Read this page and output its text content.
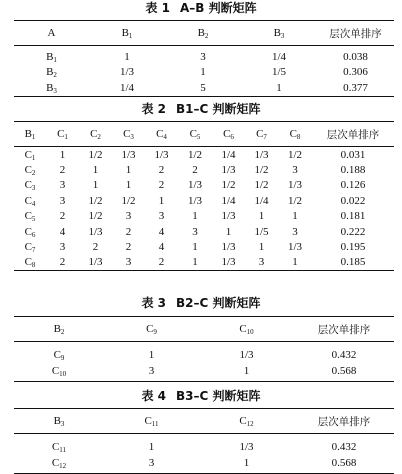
表 1 A–B 判断矩阵
A	$B_1$	$B_2$	$B_3$	层次单排序
$B_1$	1	3	1/4	0.038
$B_2$	1/3	1	1/5	0.306
$B_3$	1/4	5	1	0.377
表 2 B1–C 判断矩阵
$B_1$	$C_1$	$C_2$	$C_3$	$C_4$	$C_5$	$C_6$	$C_7$	$C_8$	层次单排序
$C_1$	1	1/2	1/3	1/3	1/2	1/4	1/3	1/2	0.031
$C_2$	2	1	1	2	2	1/3	1/2	3	0.188
$C_3$	3	1	1	2	1/3	1/2	1/2	1/3	0.126
$C_4$	3	1/2	1/2	1	1/3	1/4	1/4	1/2	0.022
$C_5$	2	1/2	3	3	1	1/3	1	1	0.181
$C_6$	4	1/3	2	4	3	1	1/5	3	0.222
$C_7$	3	2	2	4	1	1/3	1	1/3	0.195
$C_8$	2	1/3	3	2	1	1/3	3	1	0.185
表 3 B2–C 判断矩阵
$B_2$	$C_9$	$C_{10}$	层次单排序
$C_9$	1	1/3	0.432
$C_{10}$	3	1	0.568
表 4 B3–C 判断矩阵
$B_3$	$C_{11}$	$C_{12}$	层次单排序
$C_{11}$	1	1/3	0.432
$C_{12}$	3	1	0.568
